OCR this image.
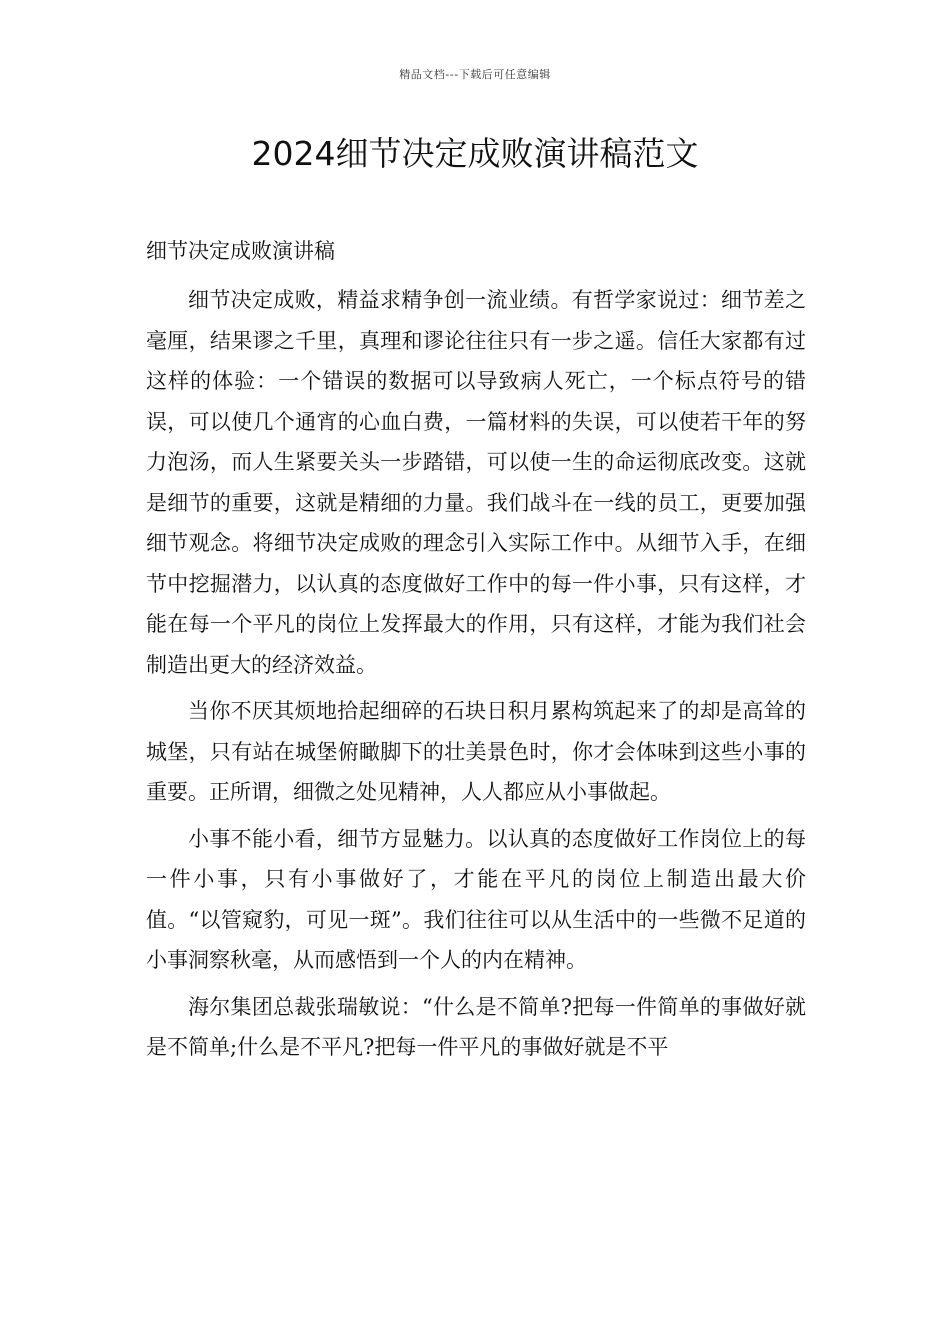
精品文档---下载后可任意编辑
2024细节决定成败演讲稿范文
细节决定成败演讲稿

细节决定成败，精益求精争创一流业绩。有哲学家说过：细节差之毫厘，结果谬之千里，真理和谬论往往只有一步之遥。信任大家都有过这样的体验：一个错误的数据可以导致病人死亡，一个标点符号的错误，可以使几个通宵的心血白费，一篇材料的失误，可以使若干年的努力泡汤，而人生紧要关头一步踏错，可以使一生的命运彻底改变。这就是细节的重要，这就是精细的力量。我们战斗在一线的员工，更要加强细节观念。将细节决定成败的理念引入实际工作中。从细节入手，在细节中挖掘潜力，以认真的态度做好工作中的每一件小事，只有这样，才能在每一个平凡的岗位上发挥最大的作用，只有这样，才能为我们社会制造出更大的经济效益。

当你不厌其烦地拾起细碎的石块日积月累构筑起来了的却是高耸的城堡，只有站在城堡俯瞰脚下的壮美景色时，你才会体味到这些小事的重要。正所谓，细微之处见精神，人人都应从小事做起。

小事不能小看，细节方显魅力。以认真的态度做好工作岗位上的每一件小事，只有小事做好了，才能在平凡的岗位上制造出最大价值。“以管窥豹，可见一斑”。我们往往可以从生活中的一些微不足道的小事洞察秋毫，从而感悟到一个人的内在精神。

海尔集团总裁张瑞敏说：“什么是不简单?把每一件简单的事做好就是不简单;什么是不平凡?把每一件平凡的事做好就是不平
